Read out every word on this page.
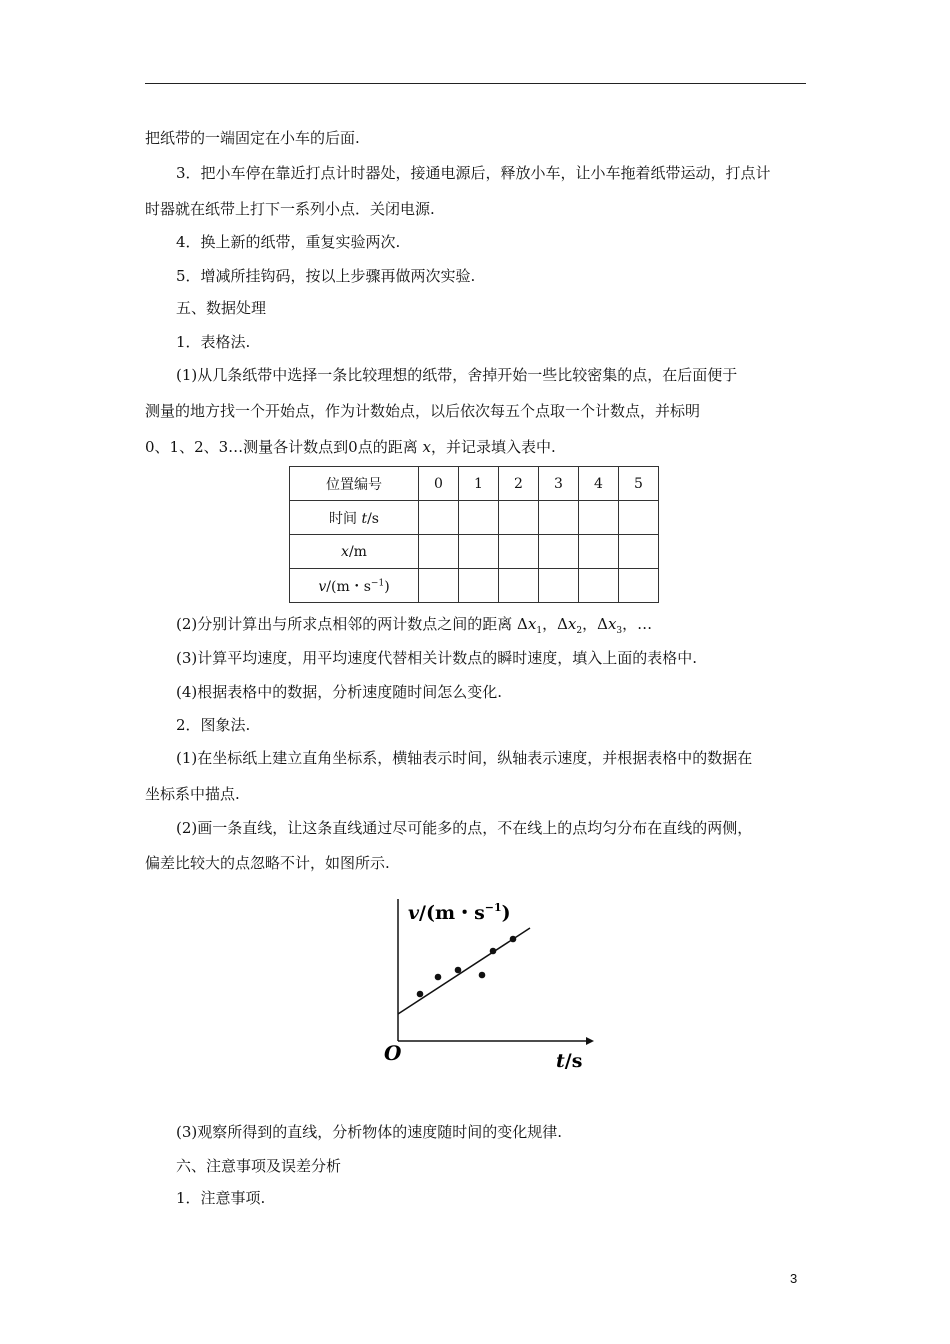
把纸带的一端固定在小车的后面.
3．把小车停在靠近打点计时器处，接通电源后，释放小车，让小车拖着纸带运动，打点计
时器就在纸带上打下一系列小点．关闭电源.
4．换上新的纸带，重复实验两次.
5．增减所挂钩码，按以上步骤再做两次实验.
五、数据处理
1．表格法.
(1)从几条纸带中选择一条比较理想的纸带，舍掉开始一些比较密集的点，在后面便于
测量的地方找一个开始点，作为计数始点，以后依次每五个点取一个计数点，并标明
0、1、2、3…测量各计数点到0点的距离 x，并记录填入表中.
位置编号	0	1	2	3	4	5
时间 t/s						
x/m						
v/(m・$s^{-1}$)						
(2)分别计算出与所求点相邻的两计数点之间的距离 $\Delta x_1$，$\Delta x_2$，$\Delta x_3$，…
(3)计算平均速度，用平均速度代替相关计数点的瞬时速度，填入上面的表格中.
(4)根据表格中的数据，分析速度随时间怎么变化.
2．图象法.
(1)在坐标纸上建立直角坐标系，横轴表示时间，纵轴表示速度，并根据表格中的数据在
坐标系中描点.
(2)画一条直线，让这条直线通过尽可能多的点，不在线上的点均匀分布在直线的两侧，
偏差比较大的点忽略不计，如图所示.
v/(m・$s^{-1}$)
O	t/s
(3)观察所得到的直线，分析物体的速度随时间的变化规律.
六、注意事项及误差分析
1．注意事项.
3
